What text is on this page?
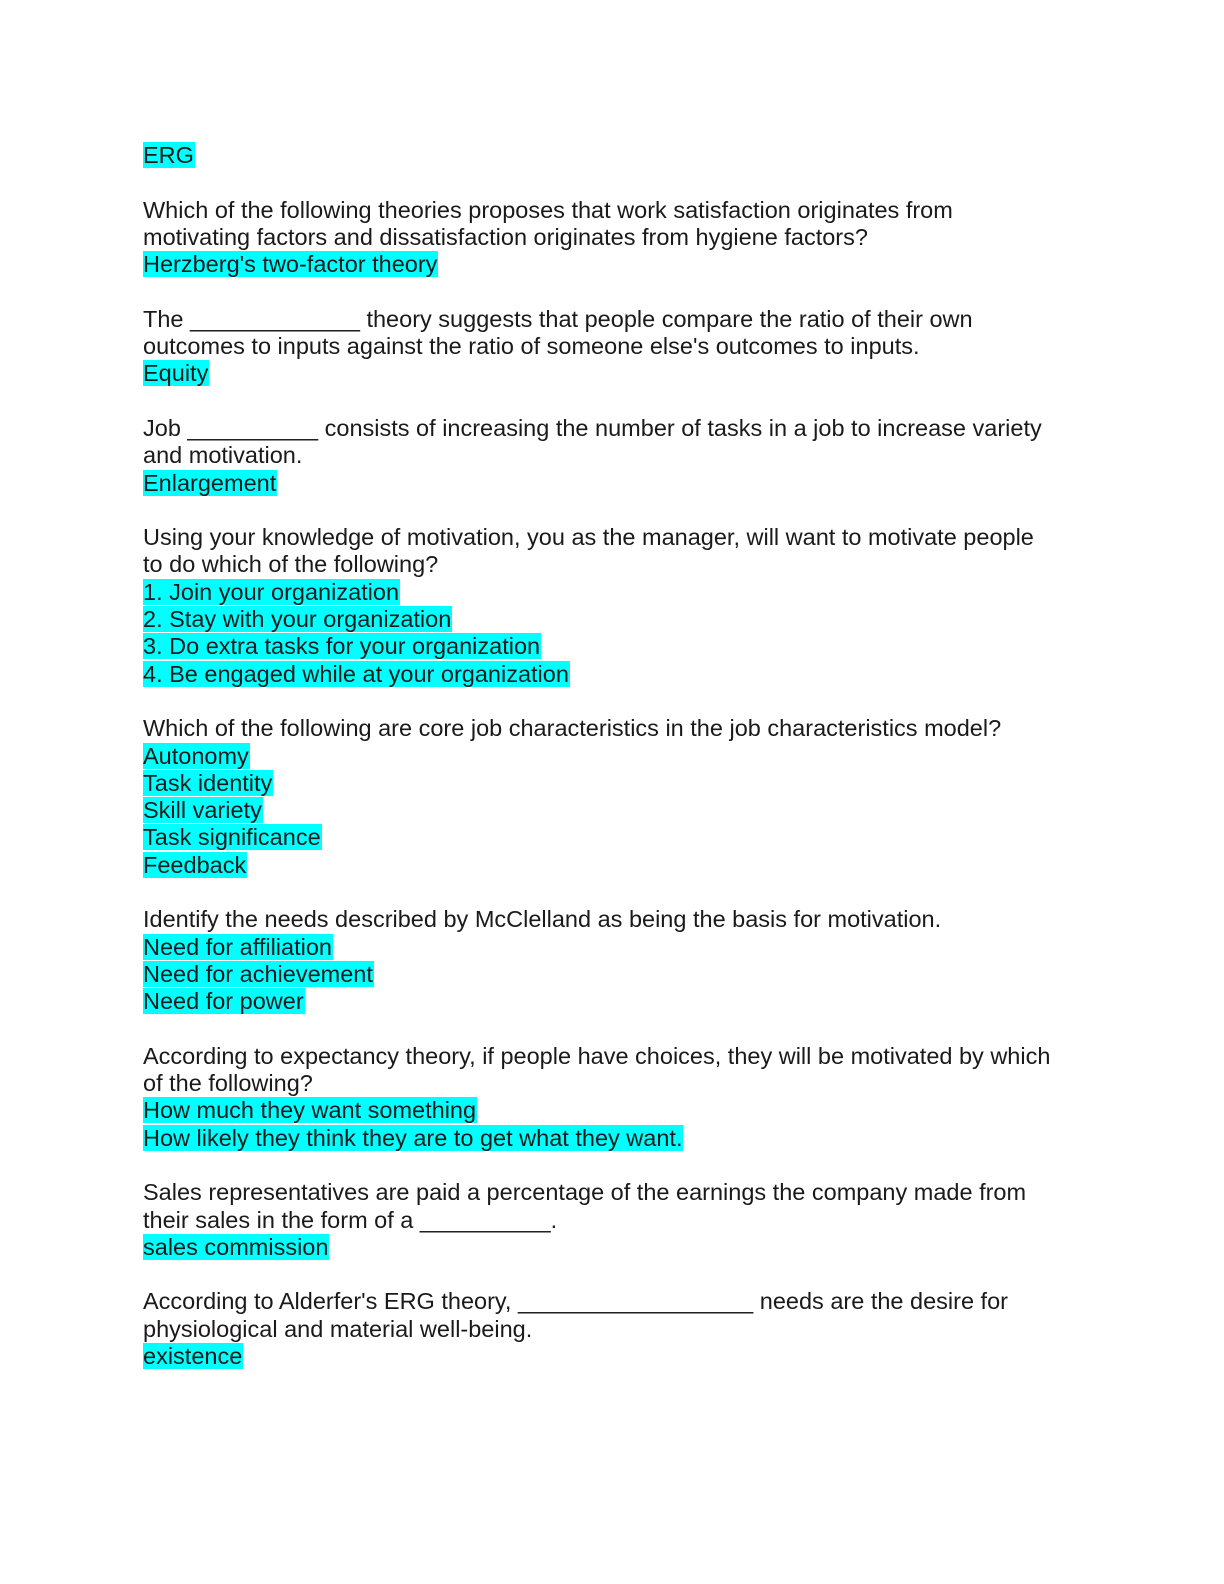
ERG
Which of the following theories proposes that work satisfaction originates from
motivating factors and dissatisfaction originates from hygiene factors?
Herzberg's two-factor theory
The _____________ theory suggests that people compare the ratio of their own
outcomes to inputs against the ratio of someone else's outcomes to inputs.
Equity
Job __________ consists of increasing the number of tasks in a job to increase variety
and motivation.
Enlargement
Using your knowledge of motivation, you as the manager, will want to motivate people
to do which of the following?
1. Join your organization
2. Stay with your organization
3. Do extra tasks for your organization
4. Be engaged while at your organization
Which of the following are core job characteristics in the job characteristics model?
Autonomy
Task identity
Skill variety
Task significance
Feedback
Identify the needs described by McClelland as being the basis for motivation.
Need for affiliation
Need for achievement
Need for power
According to expectancy theory, if people have choices, they will be motivated by which
of the following?
How much they want something
How likely they think they are to get what they want.
Sales representatives are paid a percentage of the earnings the company made from
their sales in the form of a __________.
sales commission
According to Alderfer's ERG theory, __________________ needs are the desire for
physiological and material well-being.
existence
